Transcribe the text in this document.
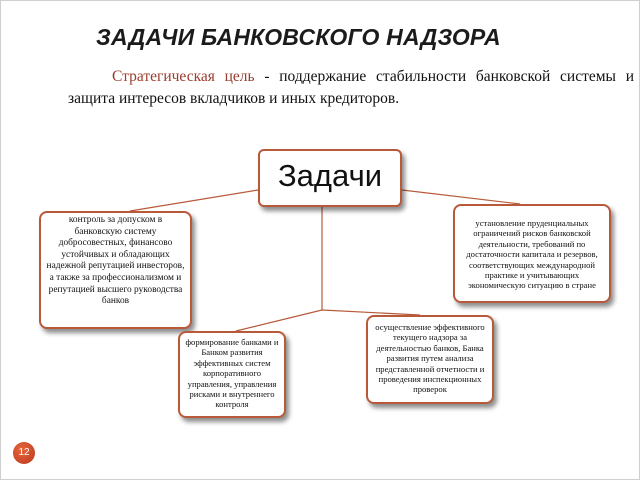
ЗАДАЧИ БАНКОВСКОГО НАДЗОРА
Стратегическая цель - поддержание стабильности банковской системы и защита интересов вкладчиков и иных кредиторов.
Задачи
контроль за допуском в банковскую систему добросовестных, финансово устойчивых и обладающих надежной репутацией инвесторов, а также за профессионализмом и репутацией высшего руководства банков
установление пруденциальных ограничений рисков банковской деятельности, требований по достаточности капитала и резервов, соответствующих международной практике и учитывающих экономическую ситуацию в стране
формирование банками и Банком развития эффективных систем корпоративного управления, управления рисками и внутреннего контроля
осуществление эффективного текущего надзора за деятельностью банков, Банка развития путем анализа представленной отчетности и проведения инспекционных проверок
12
